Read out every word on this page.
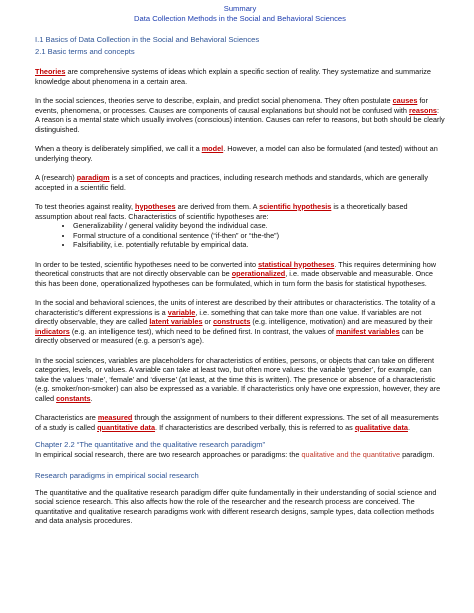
Summary
Data Collection Methods in the Social and Behavioral Sciences
I.1 Basics of Data Collection in the Social and Behavioral Sciences
2.1 Basic terms and concepts

Theories are comprehensive systems of ideas which explain a specific section of reality. They systematize and summarize knowledge about phenomena in a certain area.

In the social sciences, theories serve to describe, explain, and predict social phenomena. They often postulate causes for events, phenomena, or processes. Causes are components of causal explanations but should not be confused with reasons: A reason is a mental state which usually involves (conscious) intention. Causes can refer to reasons, but both should be clearly distinguished.

When a theory is deliberately simplified, we call it a model. However, a model can also be formulated (and tested) without an underlying theory.

A (research) paradigm is a set of concepts and practices, including research methods and standards, which are generally accepted in a scientific field.

To test theories against reality, hypotheses are derived from them. A scientific hypothesis is a theoretically based assumption about real facts. Characteristics of scientific hypotheses are:

• Generalizability / general validity beyond the individual case.
• Formal structure of a conditional sentence (“if-then” or “the-the”)
• Falsifiability, i.e. potentially refutable by empirical data.

In order to be tested, scientific hypotheses need to be converted into statistical hypotheses. This requires determining how theoretical constructs that are not directly observable can be operationalized, i.e. made observable and measurable. Once this has been done, operationalized hypotheses can be formulated, which in turn form the basis for statistical hypotheses.

In the social and behavioral sciences, the units of interest are described by their attributes or characteristics. The totality of a characteristic’s different expressions is a variable, i.e. something that can take more than one value. If variables are not directly observable, they are called latent variables or constructs (e.g. intelligence, motivation) and are measured by their indicators (e.g. an intelligence test), which need to be defined first. In contrast, the values of manifest variables can be directly observed or measured (e.g. a person’s age).

In the social sciences, variables are placeholders for characteristics of entities, persons, or objects that can take on different categories, levels, or values. A variable can take at least two, but often more values: the variable ‘gender’, for example, can take the values ‘male’, ‘female’ and ‘diverse’ (at least, at the time this is written). The presence or absence of a characteristic (e.g. smoker/non-smoker) can also be expressed as a variable. If characteristics only have one expression, however, they are called constants.

Characteristics are measured through the assignment of numbers to their different expressions. The set of all measurements of a study is called quantitative data. If characteristics are described verbally, this is referred to as qualitative data.

Chapter 2.2 “The quantitative and the qualitative research paradigm”

In empirical social research, there are two research approaches or paradigms: the qualitative and the quantitative paradigm.

Research paradigms in empirical social research

The quantitative and the qualitative research paradigm differ quite fundamentally in their understanding of social science and social science research. This also affects how the role of the researcher and the research process are conceived. The quantitative and qualitative research paradigms work with different research designs, sample types, data collection methods and data analysis procedures.
